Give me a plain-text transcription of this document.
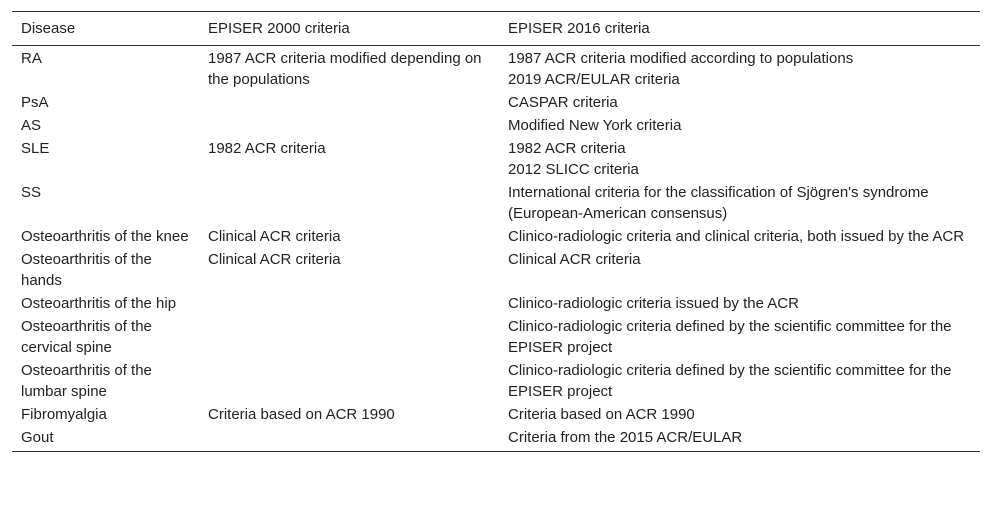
Disease	EPISER 2000 criteria	EPISER 2016 criteria
RA	1987 ACR criteria modified depending on the populations	1987 ACR criteria modified according to populations
2019 ACR/EULAR criteria

PsA		CASPAR criteria

AS		Modified New York criteria

SLE	1982 ACR criteria	1982 ACR criteria
2012 SLICC criteria

SS		International criteria for the classification of Sjögren's syndrome (European-American consensus)

Osteoarthritis of the knee	Clinical ACR criteria	Clinico-radiologic criteria and clinical criteria, both issued by the ACR

Osteoarthritis of the hands	Clinical ACR criteria	Clinical ACR criteria

Osteoarthritis of the hip		Clinico-radiologic criteria issued by the ACR

Osteoarthritis of the cervical spine		Clinico-radiologic criteria defined by the scientific committee for the EPISER project

Osteoarthritis of the lumbar spine		Clinico-radiologic criteria defined by the scientific committee for the EPISER project

Fibromyalgia	Criteria based on ACR 1990	Criteria based on ACR 1990

Gout		Criteria from the 2015 ACR/EULAR
